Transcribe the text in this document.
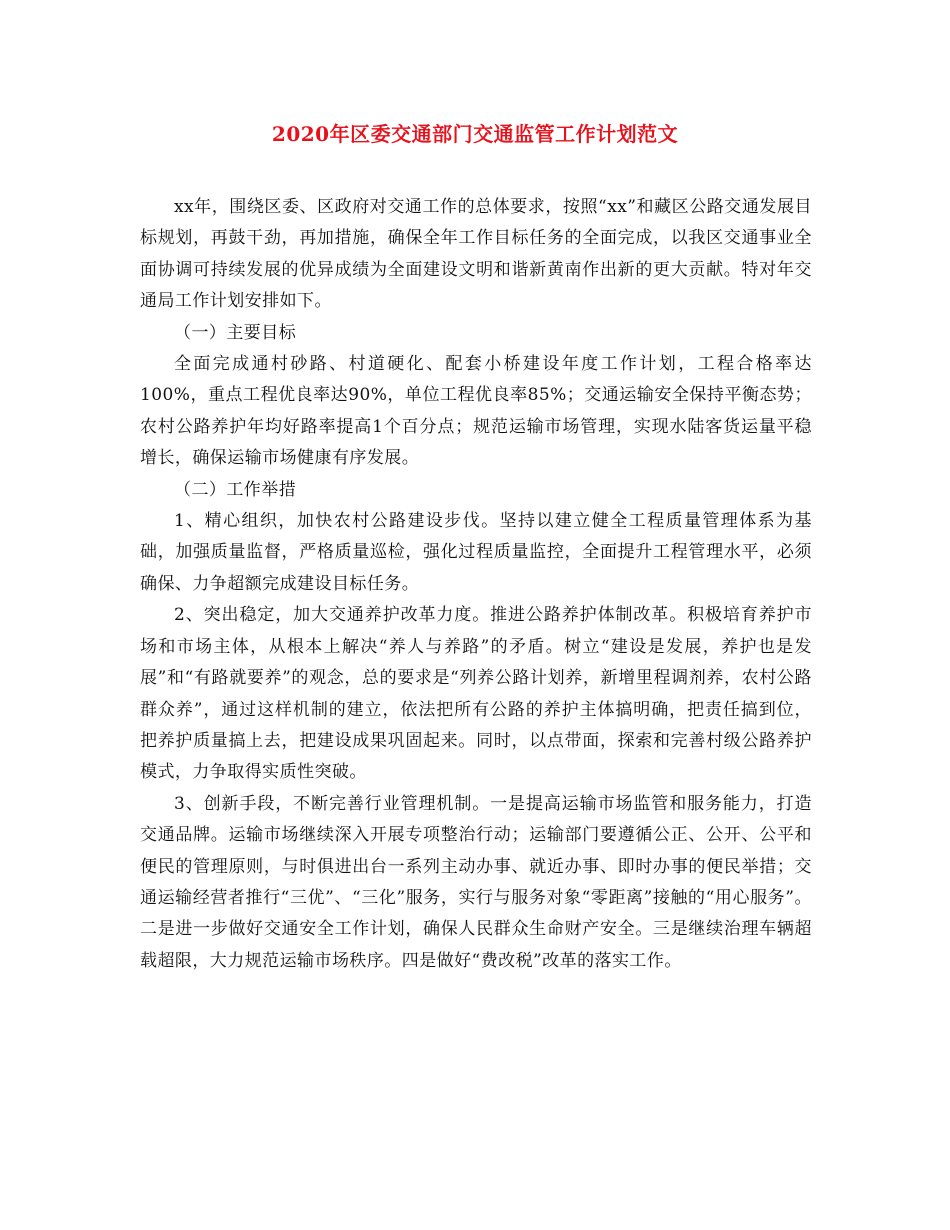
2020年区委交通部门交通监管工作计划范文

xx年，围绕区委、区政府对交通工作的总体要求，按照“xx”和藏区公路交通发展目标规划，再鼓干劲，再加措施，确保全年工作目标任务的全面完成，以我区交通事业全面协调可持续发展的优异成绩为全面建设文明和谐新黄南作出新的更大贡献。特对年交通局工作计划安排如下。

（一）主要目标

全面完成通村砂路、村道硬化、配套小桥建设年度工作计划，工程合格率达100%，重点工程优良率达90%，单位工程优良率85%；交通运输安全保持平衡态势；农村公路养护年均好路率提高1个百分点；规范运输市场管理，实现水陆客货运量平稳增长，确保运输市场健康有序发展。

（二）工作举措

1、精心组织，加快农村公路建设步伐。坚持以建立健全工程质量管理体系为基础，加强质量监督，严格质量巡检，强化过程质量监控，全面提升工程管理水平，必须确保、力争超额完成建设目标任务。

2、突出稳定，加大交通养护改革力度。推进公路养护体制改革。积极培育养护市场和市场主体，从根本上解决“养人与养路”的矛盾。树立“建设是发展，养护也是发展”和“有路就要养”的观念，总的要求是“列养公路计划养，新增里程调剂养，农村公路群众养”，通过这样机制的建立，依法把所有公路的养护主体搞明确，把责任搞到位，把养护质量搞上去，把建设成果巩固起来。同时，以点带面，探索和完善村级公路养护模式，力争取得实质性突破。

3、创新手段，不断完善行业管理机制。一是提高运输市场监管和服务能力，打造交通品牌。运输市场继续深入开展专项整治行动；运输部门要遵循公正、公开、公平和便民的管理原则，与时俱进出台一系列主动办事、就近办事、即时办事的便民举措；交通运输经营者推行“三优”、“三化”服务，实行与服务对象“零距离”接触的“用心服务”。二是进一步做好交通安全工作计划，确保人民群众生命财产安全。三是继续治理车辆超载超限，大力规范运输市场秩序。四是做好“费改税”改革的落实工作。
